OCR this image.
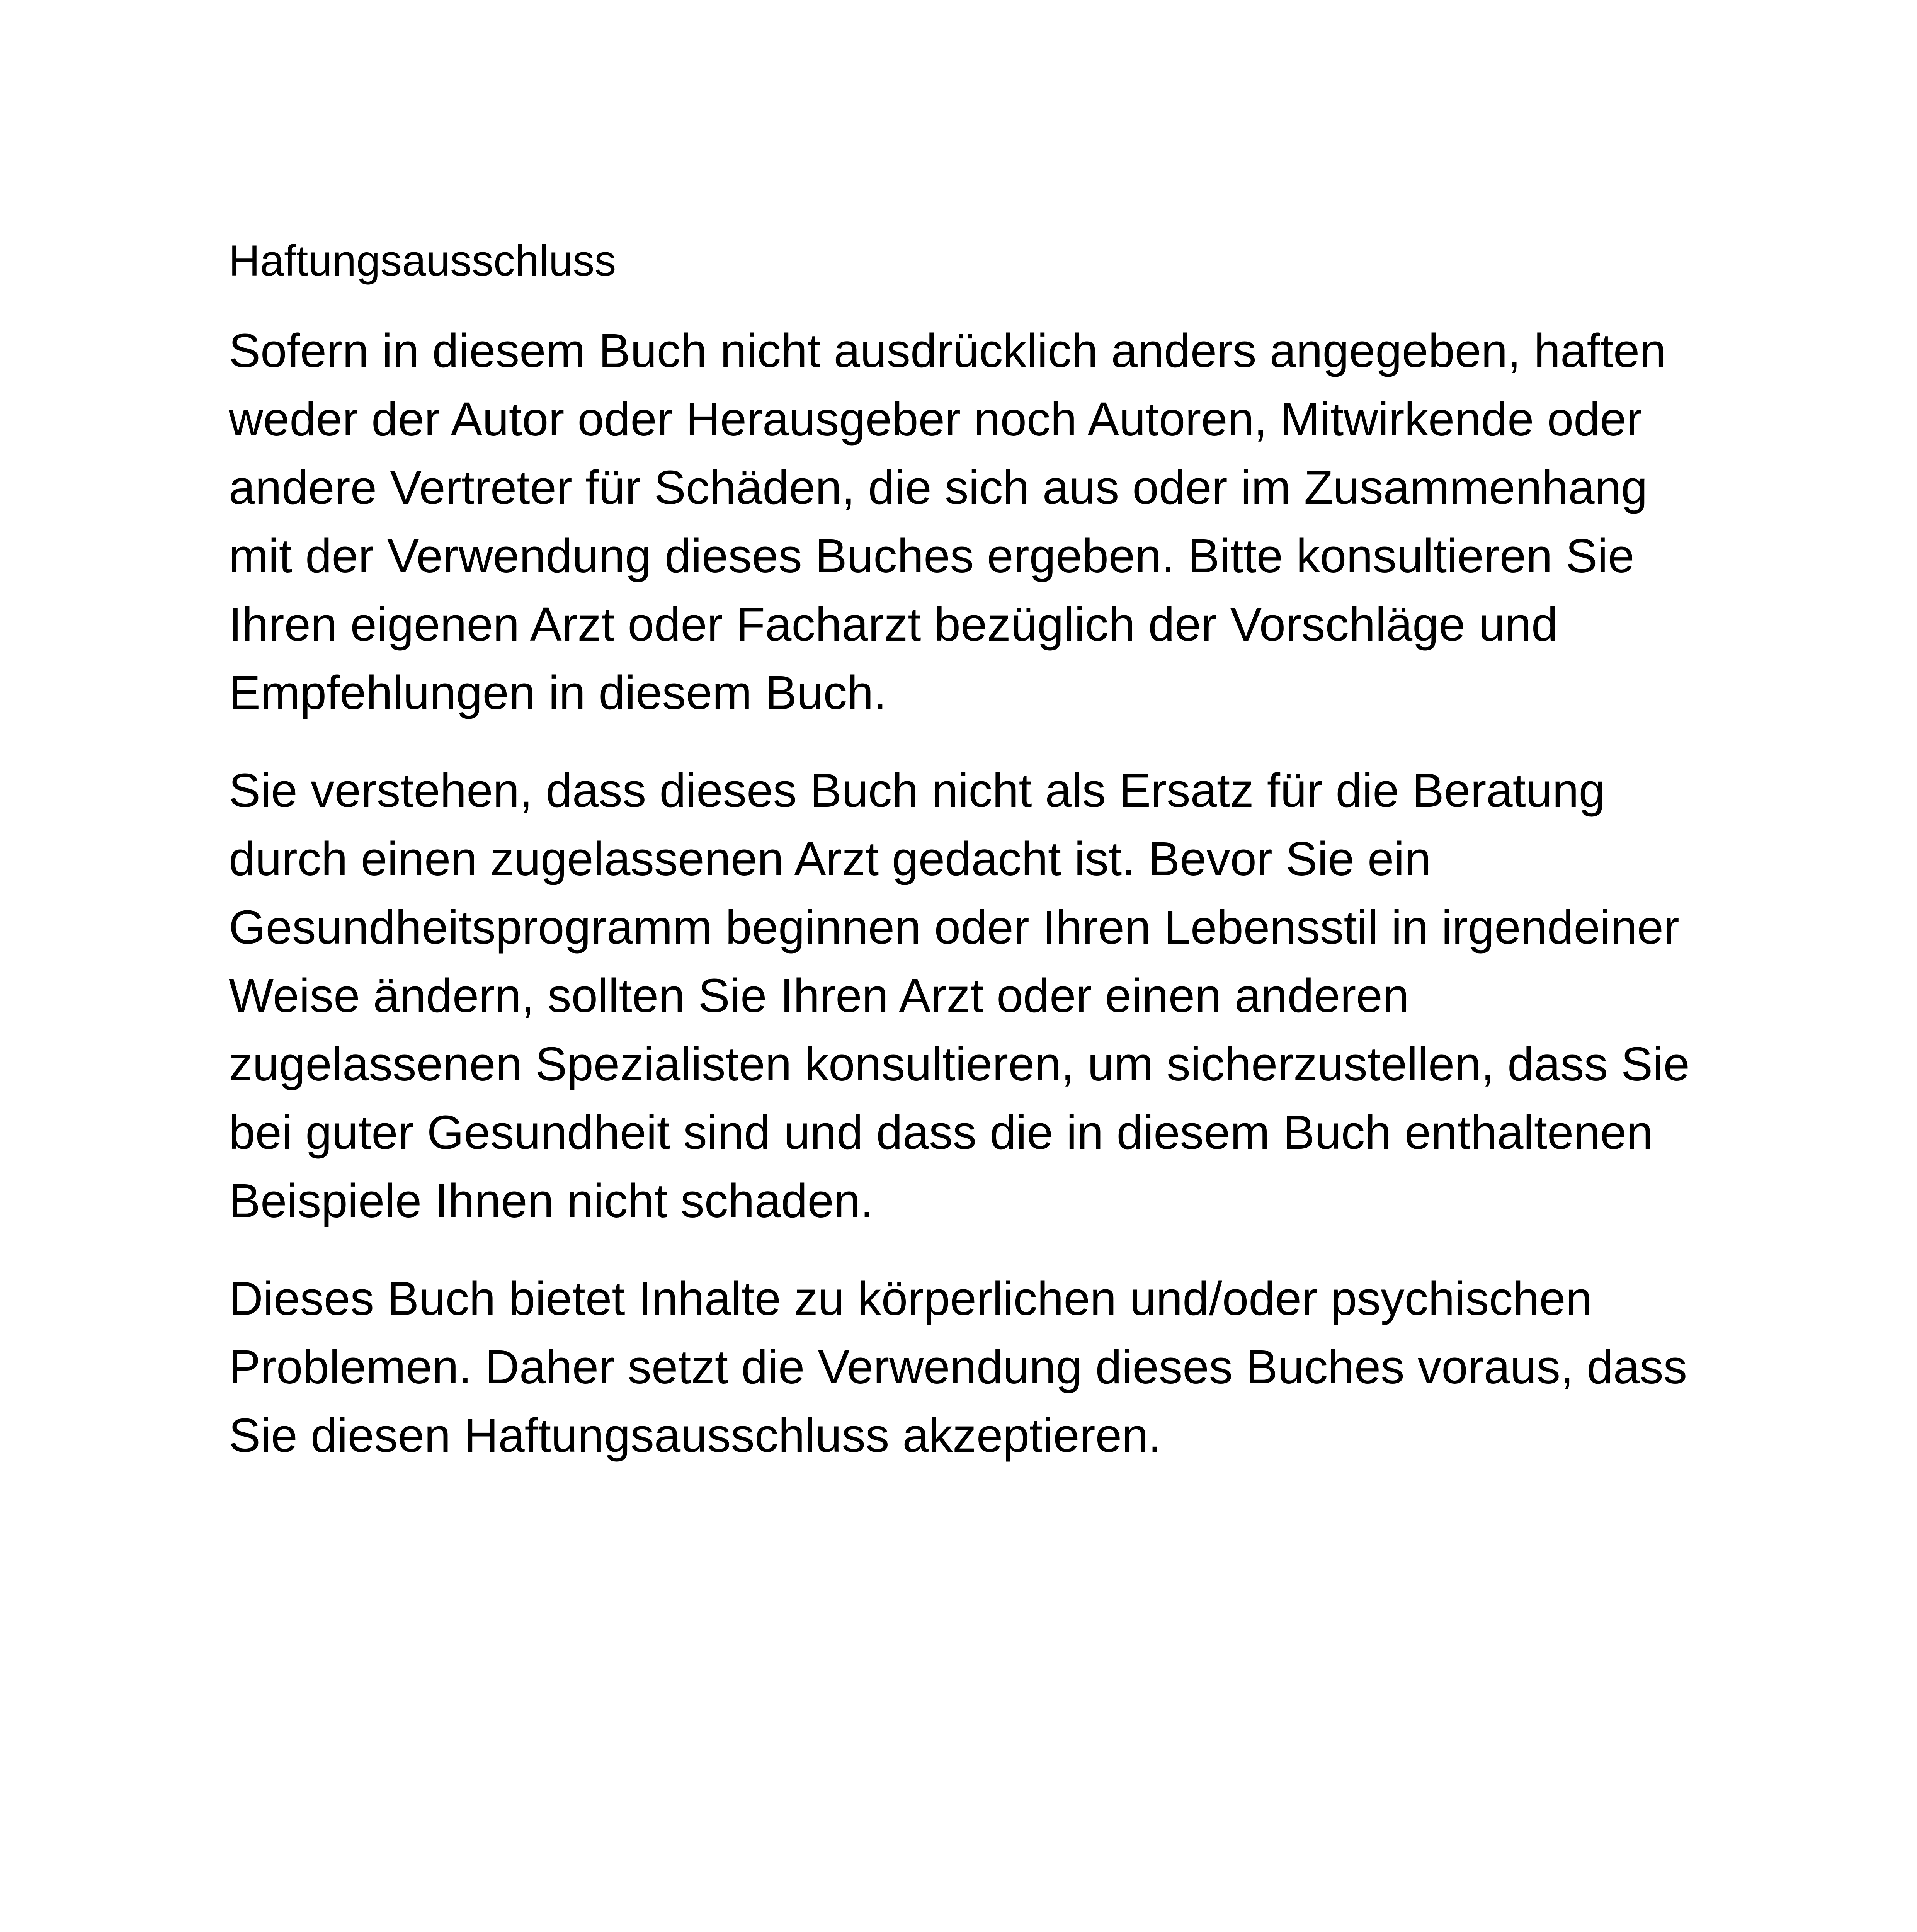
Haftungsausschluss

Sofern in diesem Buch nicht ausdrücklich anders angegeben, haften weder der Autor oder Herausgeber noch Autoren, Mitwirkende oder andere Vertreter für Schäden, die sich aus oder im Zusammenhang mit der Verwendung dieses Buches ergeben. Bitte konsultieren Sie Ihren eigenen Arzt oder Facharzt bezüglich der Vorschläge und Empfehlungen in diesem Buch.

Sie verstehen, dass dieses Buch nicht als Ersatz für die Beratung durch einen zugelassenen Arzt gedacht ist. Bevor Sie ein Gesundheitsprogramm beginnen oder Ihren Lebensstil in irgendeiner Weise ändern, sollten Sie Ihren Arzt oder einen anderen zugelassenen Spezialisten konsultieren, um sicherzustellen, dass Sie bei guter Gesundheit sind und dass die in diesem Buch enthaltenen Beispiele Ihnen nicht schaden.

Dieses Buch bietet Inhalte zu körperlichen und/oder psychischen Problemen. Daher setzt die Verwendung dieses Buches voraus, dass Sie diesen Haftungsausschluss akzeptieren.
